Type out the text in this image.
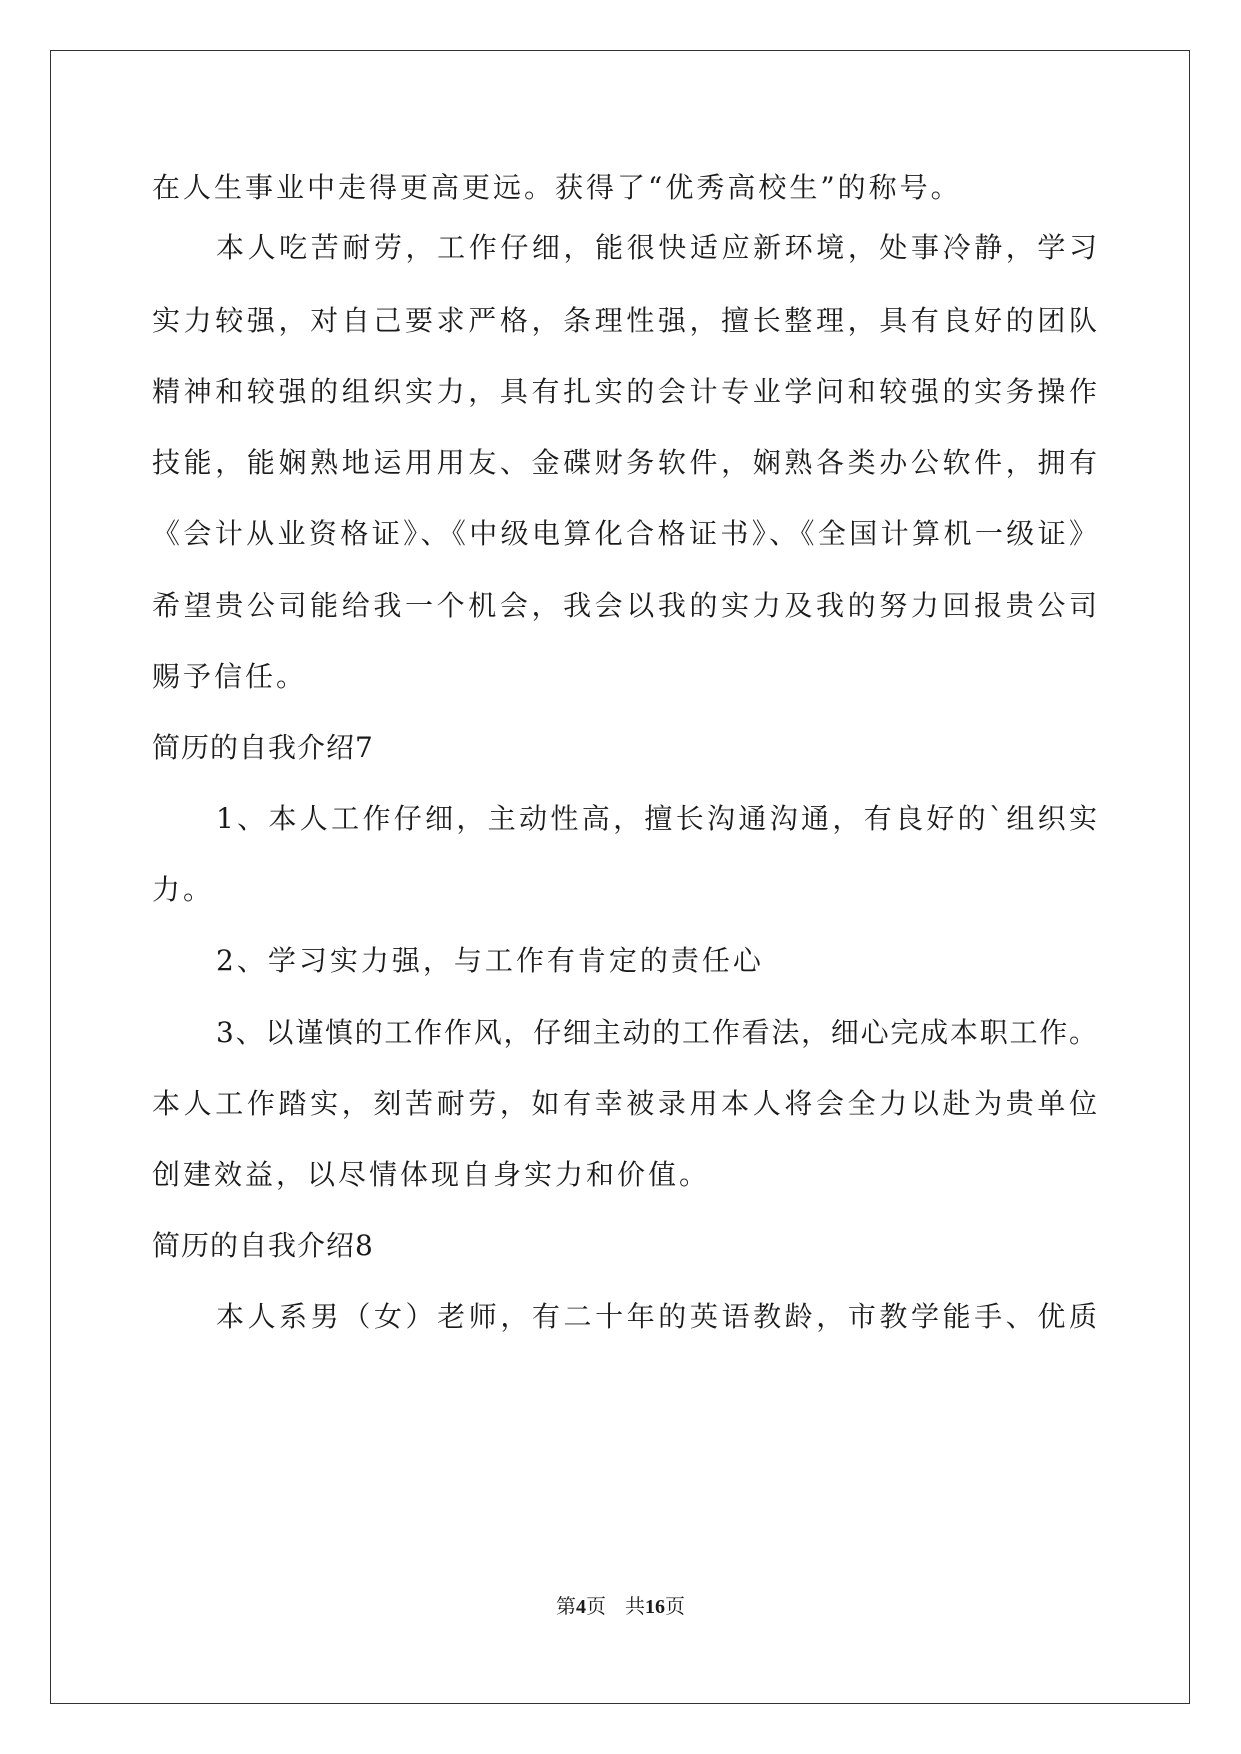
在人生事业中走得更高更远。获得了“优秀高校生”的称号。
本人吃苦耐劳，工作仔细，能很快适应新环境，处事冷静，学习
实力较强，对自己要求严格，条理性强，擅长整理，具有良好的团队
精神和较强的组织实力，具有扎实的会计专业学问和较强的实务操作
技能，能娴熟地运用用友、金碟财务软件，娴熟各类办公软件，拥有
《会计从业资格证》、《中级电算化合格证书》、《全国计算机一级证》
希望贵公司能给我一个机会，我会以我的实力及我的努力回报贵公司
赐予信任。
简历的自我介绍7
1、本人工作仔细，主动性高，擅长沟通沟通，有良好的`组织实
力。
2、学习实力强，与工作有肯定的责任心
3、以谨慎的工作作风，仔细主动的工作看法，细心完成本职工作。
本人工作踏实，刻苦耐劳，如有幸被录用本人将会全力以赴为贵单位
创建效益，以尽情体现自身实力和价值。
简历的自我介绍8
本人系男（女）老师，有二十年的英语教龄，市教学能手、优质
第4页 共16页
